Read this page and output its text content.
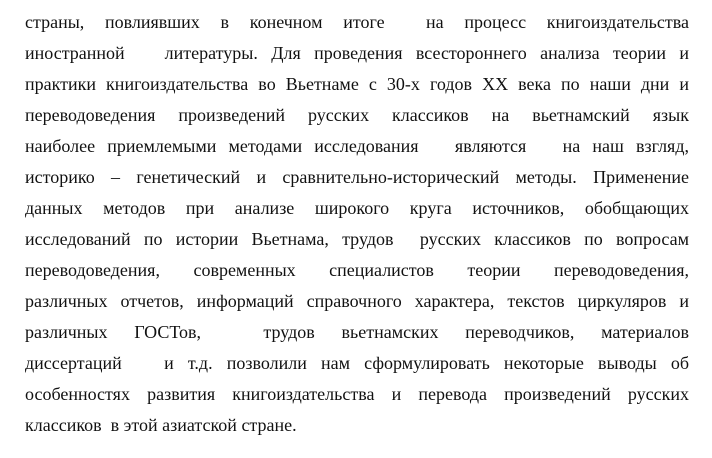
страны,  повлиявших  в  конечном  итоге    на  процесс  книгоиздательства
иностранной   литературы. Для проведения всестороннего анализа теории и
практики книгоиздательства во Вьетнаме с 30-х годов XX века по наши дни и
переводоведения  произведений  русских  классиков  на  вьетнамский  язык
наиболее приемлемыми методами исследования   являются   на наш взгляд,
историко – генетический и сравнительно-исторический методы. Применение
данных  методов  при  анализе  широкого  круга  источников,  обобщающих
исследований по истории Вьетнама, трудов  русских классиков по вопросам
переводоведения,   современных   специалистов   теории   переводоведения,
различных отчетов, информаций справочного характера, текстов циркуляров и
различных   ГОСТов,       трудов   вьетнамских   переводчиков,   материалов
диссертаций   и т.д. позволили нам сформулировать некоторые выводы об
особенностях  развития  книгоиздательства  и  перевода  произведений  русских
классиков  в этой азиатской стране.
